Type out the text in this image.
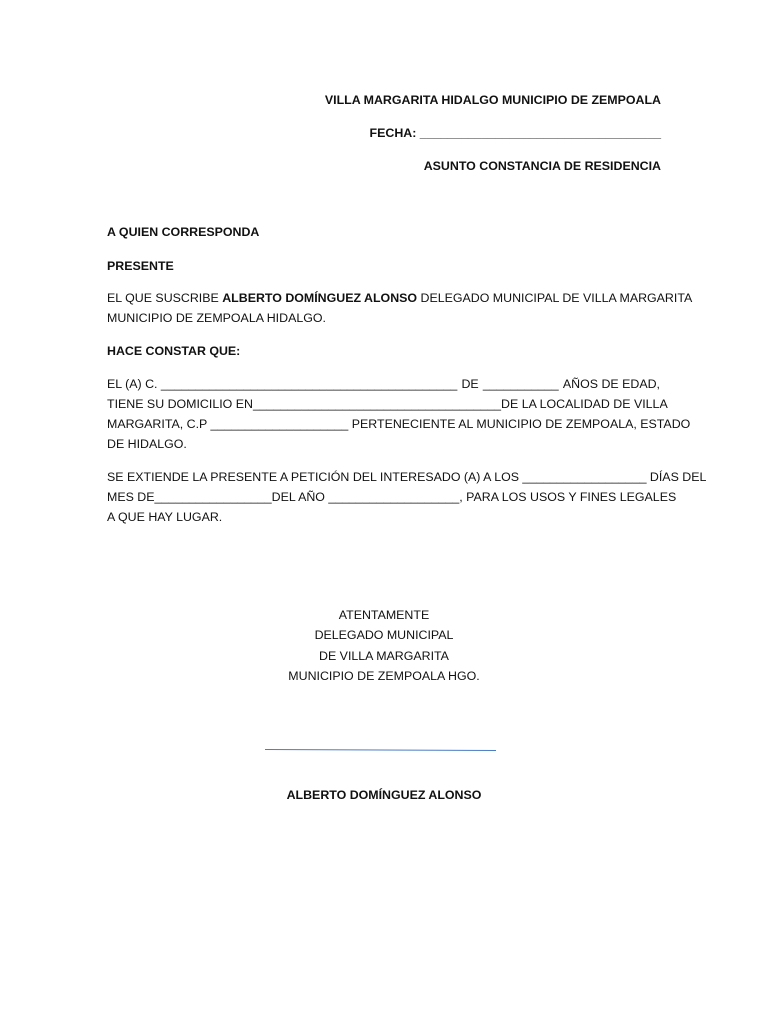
VILLA MARGARITA HIDALGO MUNICIPIO DE ZEMPOALA
FECHA: ___________________________________
ASUNTO CONSTANCIA DE RESIDENCIA
A QUIEN CORRESPONDA
PRESENTE
EL QUE SUSCRIBE ALBERTO DOMÍNGUEZ ALONSO DELEGADO MUNICIPAL DE VILLA MARGARITA
MUNICIPIO DE ZEMPOALA HIDALGO.
HACE CONSTAR QUE:
EL (A) C. ___________________________________________ DE ___________ AÑOS DE EDAD,
TIENE SU DOMICILIO EN ____________________________________ DE LA LOCALIDAD DE VILLA
MARGARITA, C.P ____________________ PERTENECIENTE AL MUNICIPIO DE ZEMPOALA, ESTADO
DE HIDALGO.
SE EXTIENDE LA PRESENTE A PETICIÓN DEL INTERESADO (A) A LOS __________________ DÍAS DEL
MES DE _________________ DEL AÑO ___________________, PARA LOS USOS Y FINES LEGALES
A QUE HAY LUGAR.
ATENTAMENTE
DELEGADO MUNICIPAL
DE VILLA MARGARITA
MUNICIPIO DE ZEMPOALA HGO.
ALBERTO DOMÍNGUEZ ALONSO
